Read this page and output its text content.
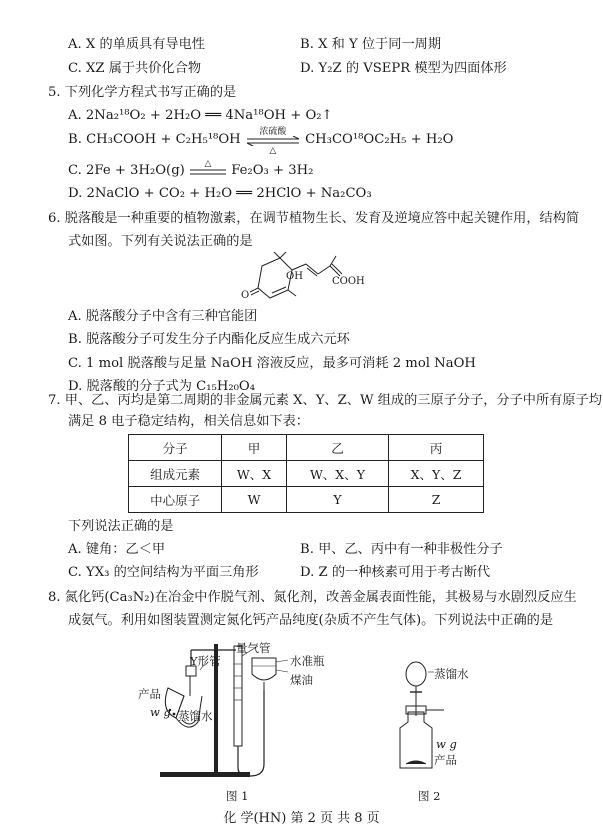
A. X 的单质具有导电性	B. X 和 Y 位于同一周期
C. XZ 属于共价化合物	D. Y₂Z 的 VSEPR 模型为四面体形
5. 下列化学方程式书写正确的是
A. 2Na₂¹⁸O₂ + 2H₂O ══ 4Na¹⁸OH + O₂↑
B. CH₃COOH + C₂H₅¹⁸OH	浓硫酸
△
CH₃CO¹⁸OC₂H₅ + H₂O
C. 2Fe + 3H₂O(g)	△	Fe₂O₃ + 3H₂
D. 2NaClO + CO₂ + H₂O ══ 2HClO + Na₂CO₃
6. 脱落酸是一种重要的植物激素，在调节植物生长、发育及逆境应答中起关键作用，结构简
式如图。下列有关说法正确的是
OH
O
COOH
A. 脱落酸分子中含有三种官能团
B. 脱落酸分子可发生分子内酯化反应生成六元环
C. 1 mol 脱落酸与足量 NaOH 溶液反应，最多可消耗 2 mol NaOH
D. 脱落酸的分子式为 C₁₅H₂₀O₄
7. 甲、乙、丙均是第二周期的非金属元素 X、Y、Z、W 组成的三原子分子，分子中所有原子均
分子	甲	乙	丙
组成元素	W、X	W、X、Y	X、Y、Z
中心原子	W	Y	Z
下列说法正确的是
A. 键角：乙＜甲	B. 甲、乙、丙中有一种非极性分子
C. YX₃ 的空间结构为平面三角形	D. Z 的一种核素可用于考古断代
8. 氮化钙(Ca₃N₂)在冶金中作脱气剂、氮化剂，改善金属表面性能，其极易与水剧烈反应生
成氨气。利用如图装置测定氮化钙产品纯度(杂质不产生气体)。下列说法中正确的是
Y形管
量气管
水准瓶
煤油
产品
w g 蒸馏水
图 1
蒸馏水
w g
产品
图 2
化 学(HN) 第 2 页 共 8 页
满足 8 电子稳定结构，相关信息如下表：
